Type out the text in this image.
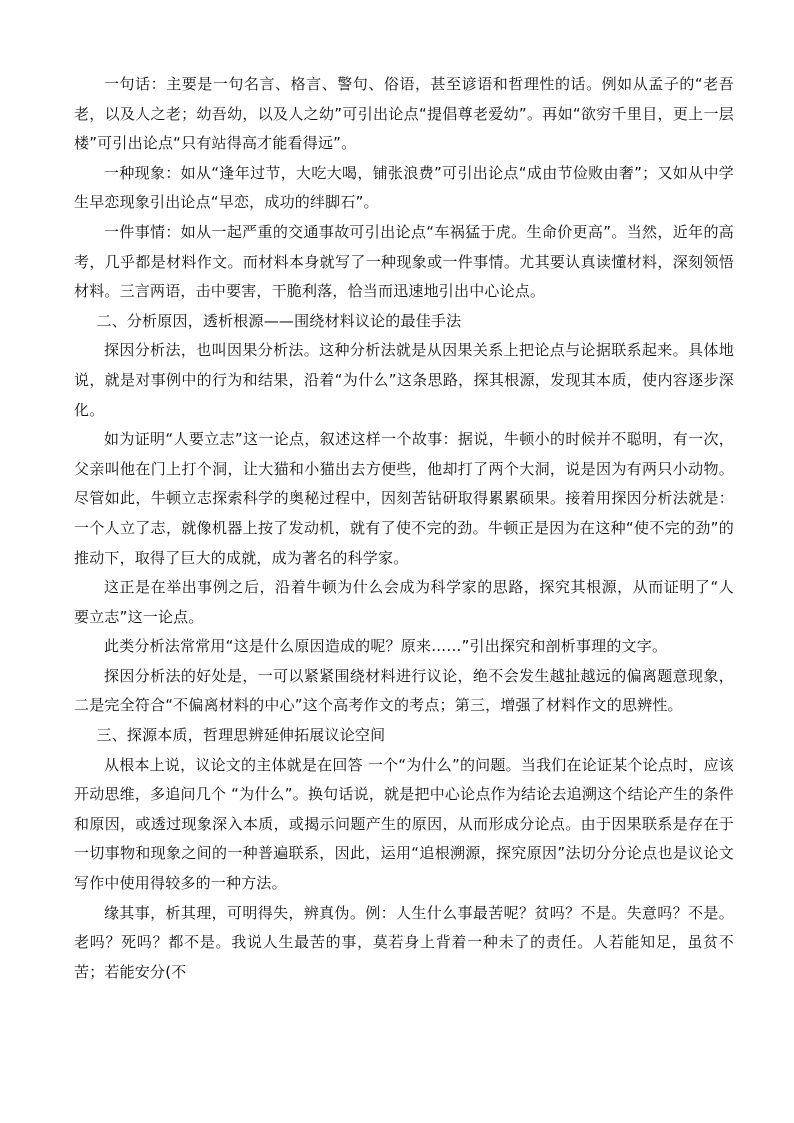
一句话：主要是一句名言、格言、警句、俗语，甚至谚语和哲理性的话。例如从孟子的“老吾老，以及人之老；幼吾幼，以及人之幼”可引出论点“提倡尊老爱幼”。再如“欲穷千里目，更上一层楼”可引出论点“只有站得高才能看得远”。

一种现象：如从“逢年过节，大吃大喝，铺张浪费”可引出论点“成由节俭败由奢”；又如从中学生早恋现象引出论点“早恋，成功的绊脚石”。

一件事情：如从一起严重的交通事故可引出论点“车祸猛于虎。生命价更高”。当然，近年的高考，几乎都是材料作文。而材料本身就写了一种现象或一件事情。尤其要认真读懂材料，深刻领悟材料。三言两语，击中要害，干脆利落，恰当而迅速地引出中心论点。

二、分析原因，透析根源——围绕材料议论的最佳手法

探因分析法，也叫因果分析法。这种分析法就是从因果关系上把论点与论据联系起来。具体地说，就是对事例中的行为和结果，沿着“为什么”这条思路，探其根源，发现其本质，使内容逐步深化。

如为证明“人要立志”这一论点，叙述这样一个故事：据说，牛顿小的时候并不聪明，有一次，父亲叫他在门上打个洞，让大猫和小猫出去方便些，他却打了两个大洞，说是因为有两只小动物。尽管如此，牛顿立志探索科学的奥秘过程中，因刻苦钻研取得累累硕果。接着用探因分析法就是：一个人立了志，就像机器上按了发动机，就有了使不完的劲。牛顿正是因为在这种“使不完的劲”的推动下，取得了巨大的成就，成为著名的科学家。

这正是在举出事例之后，沿着牛顿为什么会成为科学家的思路，探究其根源，从而证明了“人要立志”这一论点。

此类分析法常常用“这是什么原因造成的呢？原来……”引出探究和剖析事理的文字。

探因分析法的好处是，一可以紧紧围绕材料进行议论，绝不会发生越扯越远的偏离题意现象，二是完全符合“不偏离材料的中心”这个高考作文的考点；第三，增强了材料作文的思辨性。

三、探源本质，哲理思辨延伸拓展议论空间

从根本上说，议论文的主体就是在回答 一个“为什么”的问题。当我们在论证某个论点时，应该开动思维，多追问几个 “为什么”。换句话说，就是把中心论点作为结论去追溯这个结论产生的条件和原因，或透过现象深入本质，或揭示问题产生的原因，从而形成分论点。由于因果联系是存在于一切事物和现象之间的一种普遍联系，因此，运用“追根溯源，探究原因”法切分分论点也是议论文写作中使用得较多的一种方法。

缘其事，析其理，可明得失，辨真伪。例：人生什么事最苦呢？贫吗？不是。失意吗？不是。老吗？死吗？都不是。我说人生最苦的事，莫若身上背着一种未了的责任。人若能知足，虽贫不苦；若能安分(不
